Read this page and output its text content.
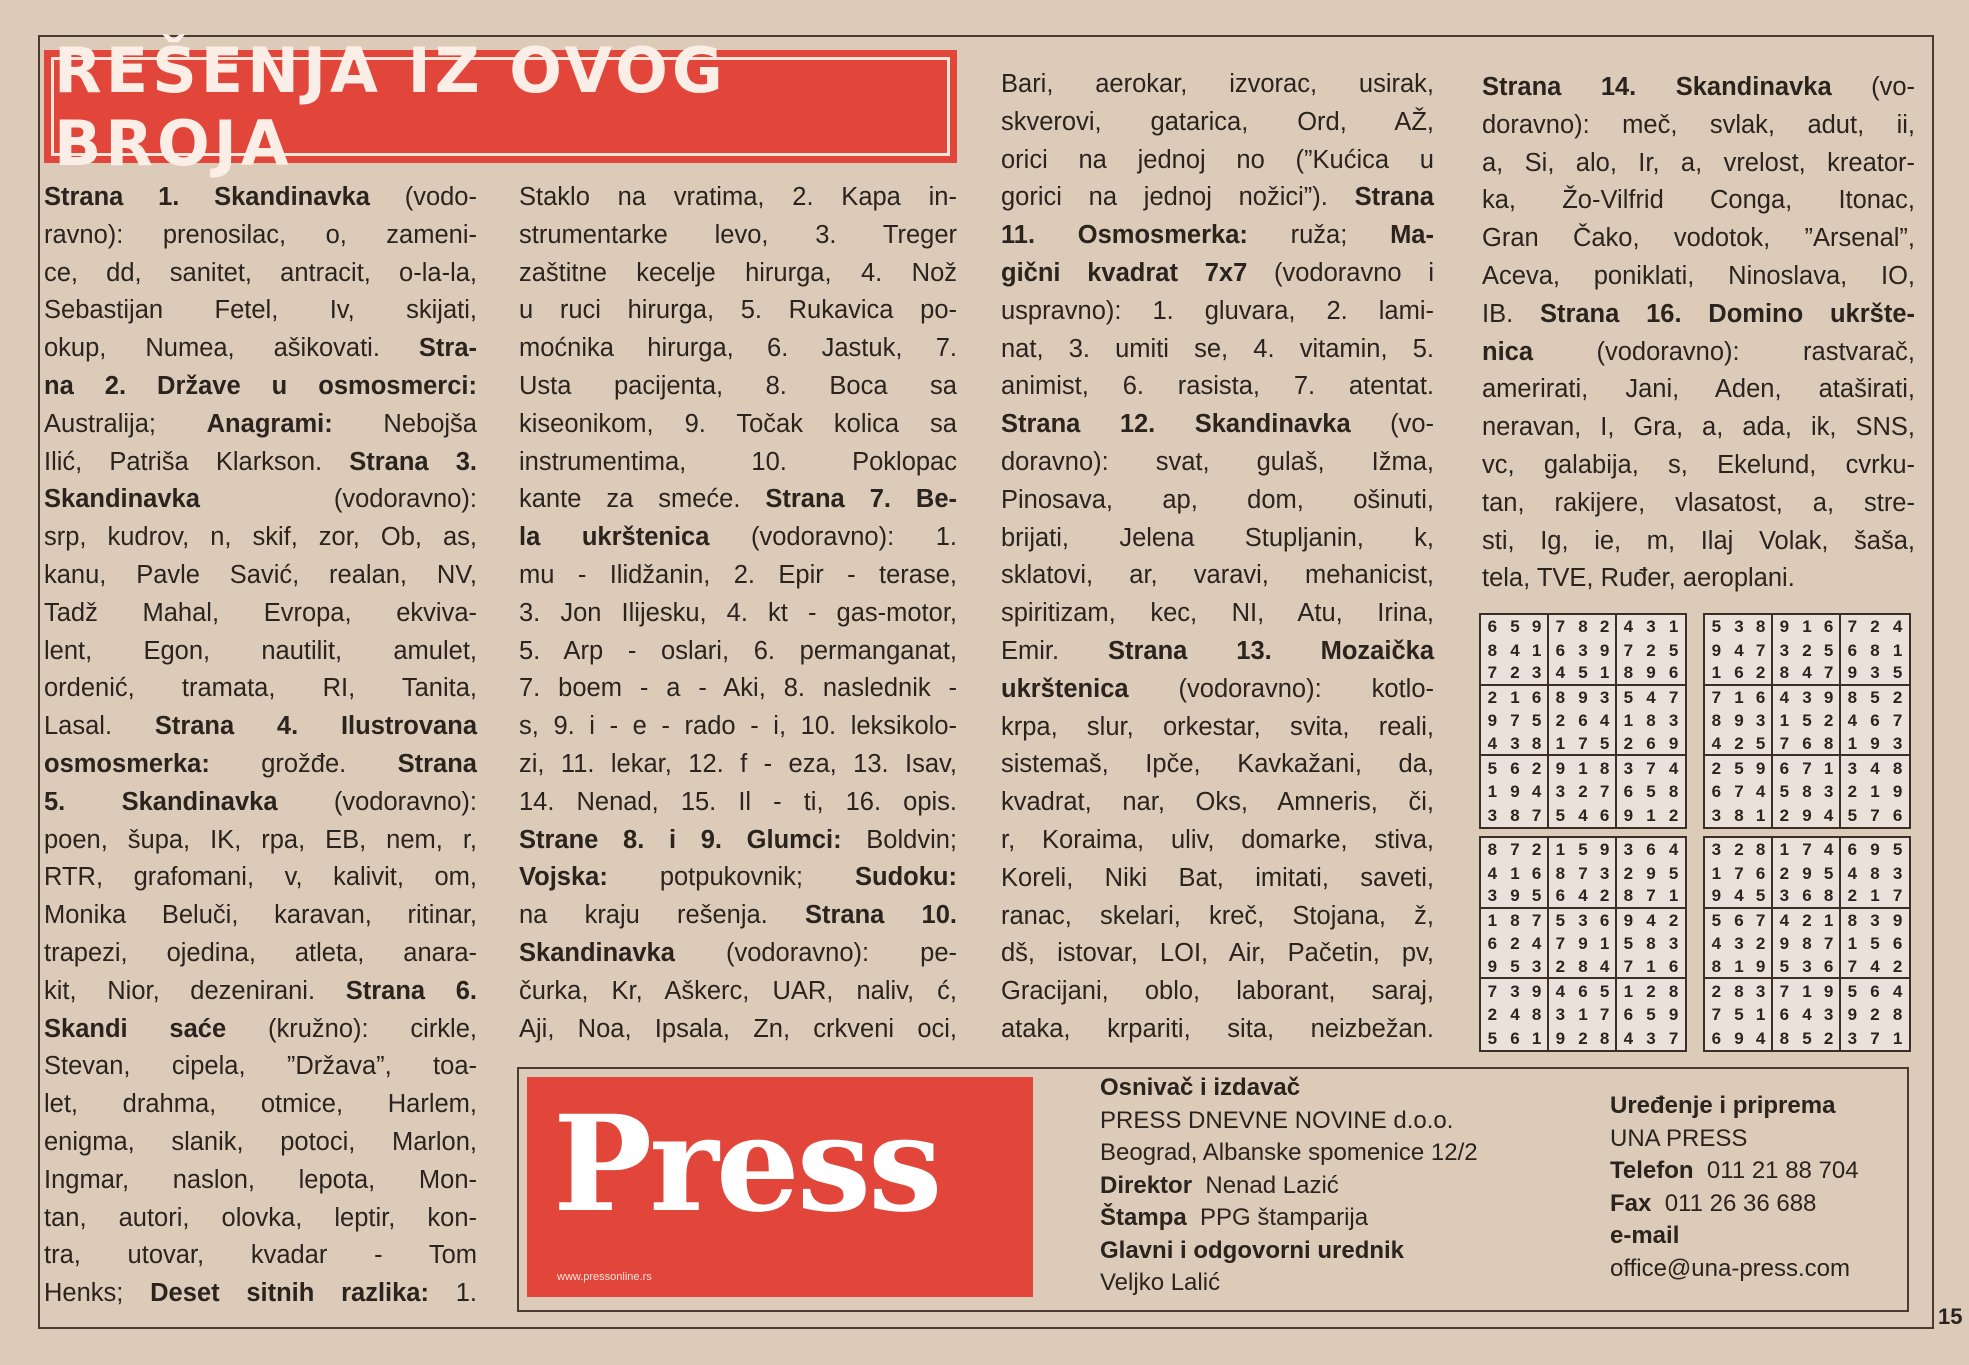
REŠENJA IZ OVOG BROJA
Strana 1. Skandinavka (vodo-
ravno): prenosilac, o, zameni-
ce, dd, sanitet, antracit, o-la-la,
Sebastijan Fetel, Iv, skijati,
okup, Numea, ašikovati. Stra-
na 2. Države u osmosmerci:
Australija; Anagrami: Nebojša
Ilić, Patriša Klarkson. Strana 3.
Skandinavka (vodoravno):
srp, kudrov, n, skif, zor, Ob, as,
kanu, Pavle Savić, realan, NV,
Tadž Mahal, Evropa, ekviva-
lent, Egon, nautilit, amulet,
ordenić, tramata, RI, Tanita,
Lasal. Strana 4. Ilustrovana
osmosmerka: grožđe. Strana
5. Skandinavka (vodoravno):
poen, šupa, IK, rpa, EB, nem, r,
RTR, grafomani, v, kalivit, om,
Monika Beluči, karavan, ritinar,
trapezi, ojedina, atleta, anara-
kit, Nior, dezenirani. Strana 6.
Skandi saće (kružno): cirkle,
Stevan, cipela, ”Država”, toa-
let, drahma, otmice, Harlem,
enigma, slanik, potoci, Marlon,
Ingmar, naslon, lepota, Mon-
tan, autori, olovka, leptir, kon-
tra, utovar, kvadar - Tom
Henks; Deset sitnih razlika: 1.
Staklo na vratima, 2. Kapa in-
strumentarke levo, 3. Treger
zaštitne kecelje hirurga, 4. Nož
u ruci hirurga, 5. Rukavica po-
moćnika hirurga, 6. Jastuk, 7.
Usta pacijenta, 8. Boca sa
kiseonikom, 9. Točak kolica sa
instrumentima, 10. Poklopac
kante za smeće. Strana 7. Be-
la ukrštenica (vodoravno): 1.
mu - Ilidžanin, 2. Epir - terase,
3. Jon Ilijesku, 4. kt - gas-motor,
5. Arp - oslari, 6. permanganat,
7. boem - a - Aki, 8. naslednik -
s, 9. i - e - rado - i, 10. leksikolo-
zi, 11. lekar, 12. f - eza, 13. Isav,
14. Nenad, 15. Il - ti, 16. opis.
Strane 8. i 9. Glumci: Boldvin;
Vojska: potpukovnik; Sudoku:
na kraju rešenja. Strana 10.
Skandinavka (vodoravno): pe-
čurka, Kr, Aškerc, UAR, naliv, ć,
Aji, Noa, Ipsala, Zn, crkveni oci,
Bari, aerokar, izvorac, usirak,
skverovi, gatarica, Ord, AŽ,
orici na jednoj no (”Kućica u
gorici na jednoj nožici”). Strana
11. Osmosmerka: ruža; Ma-
gični kvadrat 7x7 (vodoravno i
uspravno): 1. gluvara, 2. lami-
nat, 3. umiti se, 4. vitamin, 5.
animist, 6. rasista, 7. atentat.
Strana 12. Skandinavka (vo-
doravno): svat, gulaš, Ižma,
Pinosava, ap, dom, ošinuti,
brijati, Jelena Stupljanin, k,
sklatovi, ar, varavi, mehanicist,
spiritizam, kec, NI, Atu, Irina,
Emir. Strana 13. Mozaička
ukrštenica (vodoravno): kotlo-
krpa, slur, orkestar, svita, reali,
sistemaš, Ipče, Kavkažani, da,
kvadrat, nar, Oks, Amneris, či,
r, Koraima, uliv, domarke, stiva,
Koreli, Niki Bat, imitati, saveti,
ranac, skelari, kreč, Stojana, ž,
dš, istovar, LOI, Air, Pačetin, pv,
Gracijani, oblo, laborant, saraj,
ataka, krpariti, sita, neizbežan.
Strana 14. Skandinavka (vo-
doravno): meč, svlak, adut, ii,
a, Si, alo, Ir, a, vrelost, kreator-
ka, Žo-Vilfrid Conga, Itonac,
Gran Čako, vodotok, ”Arsenal”,
Aceva, poniklati, Ninoslava, IO,
IB. Strana 16. Domino ukršte-
nica (vodoravno): rastvarač,
amerirati, Jani, Aden, ataširati,
neravan, I, Gra, a, ada, ik, SNS,
vc, galabija, s, Ekelund, cvrku-
tan, rakijere, vlasatost, a, stre-
sti, Ig, ie, m, Ilaj Volak, šaša,
tela, TVE, Ruđer, aeroplani.
6 5 9 7 8 2 4 3 1
8 4 1 6 3 9 7 2 5
7 2 3 4 5 1 8 9 6
2 1 6 8 9 3 5 4 7
9 7 5 2 6 4 1 8 3
4 3 8 1 7 5 2 6 9
5 6 2 9 1 8 3 7 4
1 9 4 3 2 7 6 5 8
3 8 7 5 4 6 9 1 2
5 3 8 9 1 6 7 2 4
9 4 7 3 2 5 6 8 1
1 6 2 8 4 7 9 3 5
7 1 6 4 3 9 8 5 2
8 9 3 1 5 2 4 6 7
4 2 5 7 6 8 1 9 3
2 5 9 6 7 1 3 4 8
6 7 4 5 8 3 2 1 9
3 8 1 2 9 4 5 7 6
8 7 2 1 5 9 3 6 4
4 1 6 8 7 3 2 9 5
3 9 5 6 4 2 8 7 1
1 8 7 5 3 6 9 4 2
6 2 4 7 9 1 5 8 3
9 5 3 2 8 4 7 1 6
7 3 9 4 6 5 1 2 8
2 4 8 3 1 7 6 5 9
5 6 1 9 2 8 4 3 7
3 2 8 1 7 4 6 9 5
1 7 6 2 9 5 4 8 3
9 4 5 3 6 8 2 1 7
5 6 7 4 2 1 8 3 9
4 3 2 9 8 7 1 5 6
8 1 9 5 3 6 7 4 2
2 8 3 7 1 9 5 6 4
7 5 1 6 4 3 9 2 8
6 9 4 8 5 2 3 7 1
Press
www.pressonline.rs
Osnivač i izdavač
PRESS DNEVNE NOVINE d.o.o.
Beograd, Albanske spomenice 12/2
Direktor  Nenad Lazić
Štampa  PPG štamparija
Glavni i odgovorni urednik
Veljko Lalić
Uređenje i priprema
UNA PRESS
Telefon  011 21 88 704
Fax  011 26 36 688
e-mail
office@una-press.com
15
